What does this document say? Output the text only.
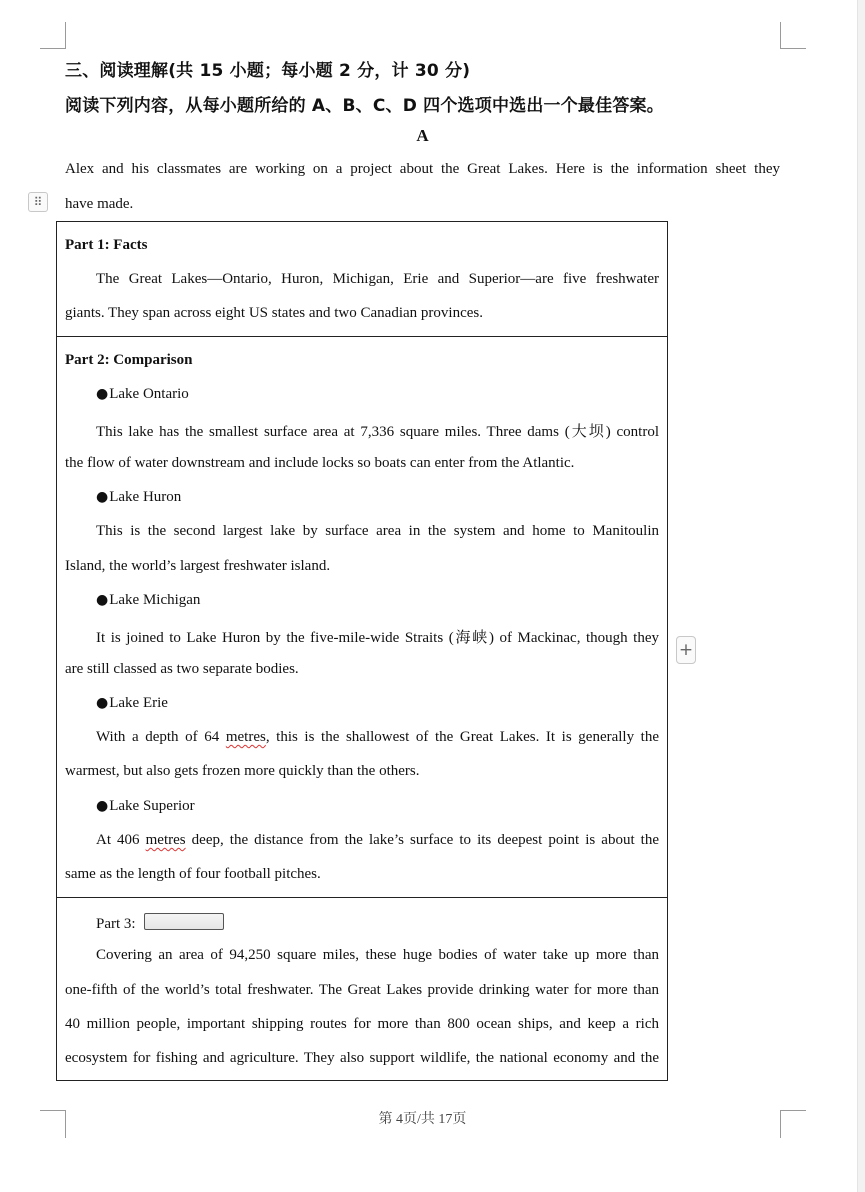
三、阅读理解(共 15 小题；每小题 2 分，计 30 分)
阅读下列内容，从每小题所给的 A、B、C、D 四个选项中选出一个最佳答案。
A
Alex and his classmates are working on a project about the Great Lakes. Here is the information sheet they
have made.
⠿
+
Part 1: Facts
The Great Lakes—Ontario, Huron, Michigan, Erie and Superior—are five freshwater
giants. They span across eight US states and two Canadian provinces.
Part 2: Comparison
●Lake Ontario
This lake has the smallest surface area at 7,336 square miles. Three dams (大坝) control
the flow of water downstream and include locks so boats can enter from the Atlantic.
●Lake Huron
This is the second largest lake by surface area in the system and home to Manitoulin
Island, the world’s largest freshwater island.
●Lake Michigan
It is joined to Lake Huron by the five-mile-wide Straits (海峡) of Mackinac, though they
are still classed as two separate bodies.
●Lake Erie
With a depth of 64 metres, this is the shallowest of the Great Lakes. It is generally the
warmest, but also gets frozen more quickly than the others.
●Lake Superior
At 406 metres deep, the distance from the lake’s surface to its deepest point is about the
same as the length of four football pitches.
Part 3:
Covering an area of 94,250 square miles, these huge bodies of water take up more than
one-fifth of the world’s total freshwater. The Great Lakes provide drinking water for more than
40 million people, important shipping routes for more than 800 ocean ships, and keep a rich
ecosystem for fishing and agriculture. They also support wildlife, the national economy and the
第 4页/共 17页
